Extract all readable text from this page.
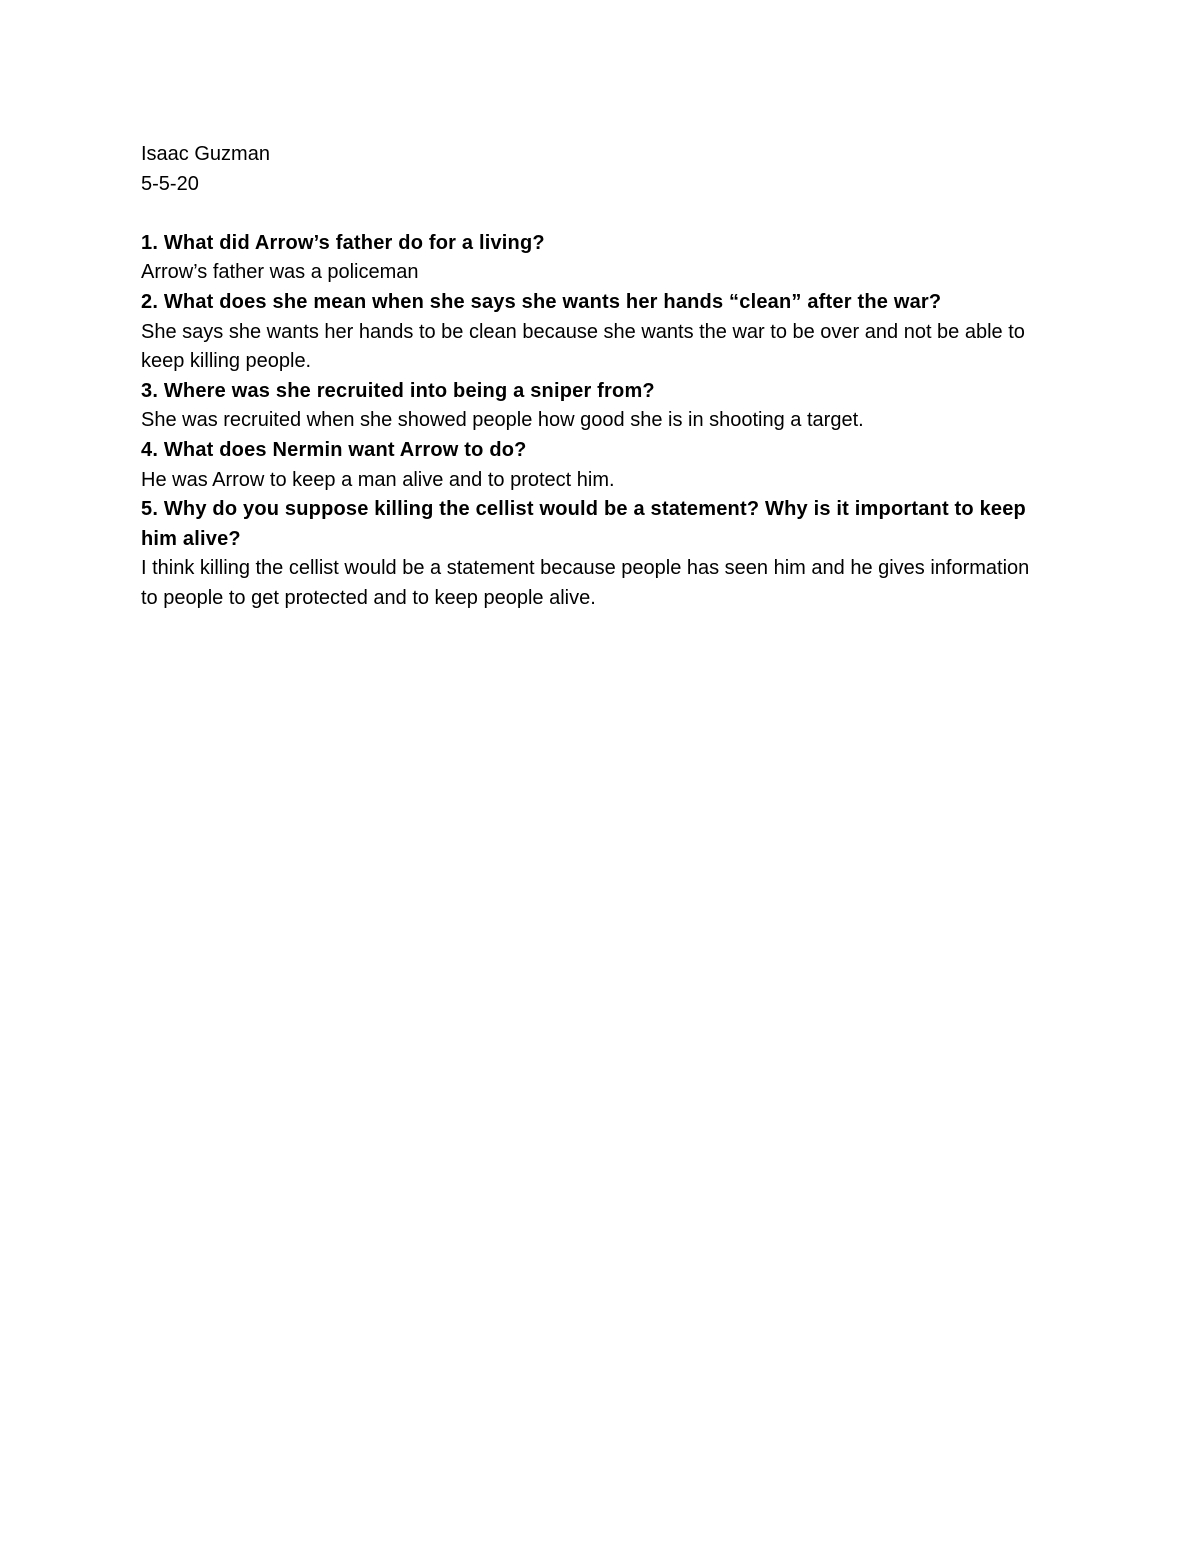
Isaac Guzman

5-5-20

1. What did Arrow’s father do for a living?

Arrow’s father was a policeman

2. What does she mean when she says she wants her hands “clean” after the war?

She says she wants her hands to be clean because she wants the war to be over and not be able to keep killing people.

3. Where was she recruited into being a sniper from?

She was recruited when she showed people how good she is in shooting a target.

4. What does Nermin want Arrow to do?

He was Arrow to keep a man alive and to protect him.

5. Why do you suppose killing the cellist would be a statement? Why is it important to keep him alive?

I think killing the cellist would be a statement because people has seen him and he gives information to people to get protected and to keep people alive.
